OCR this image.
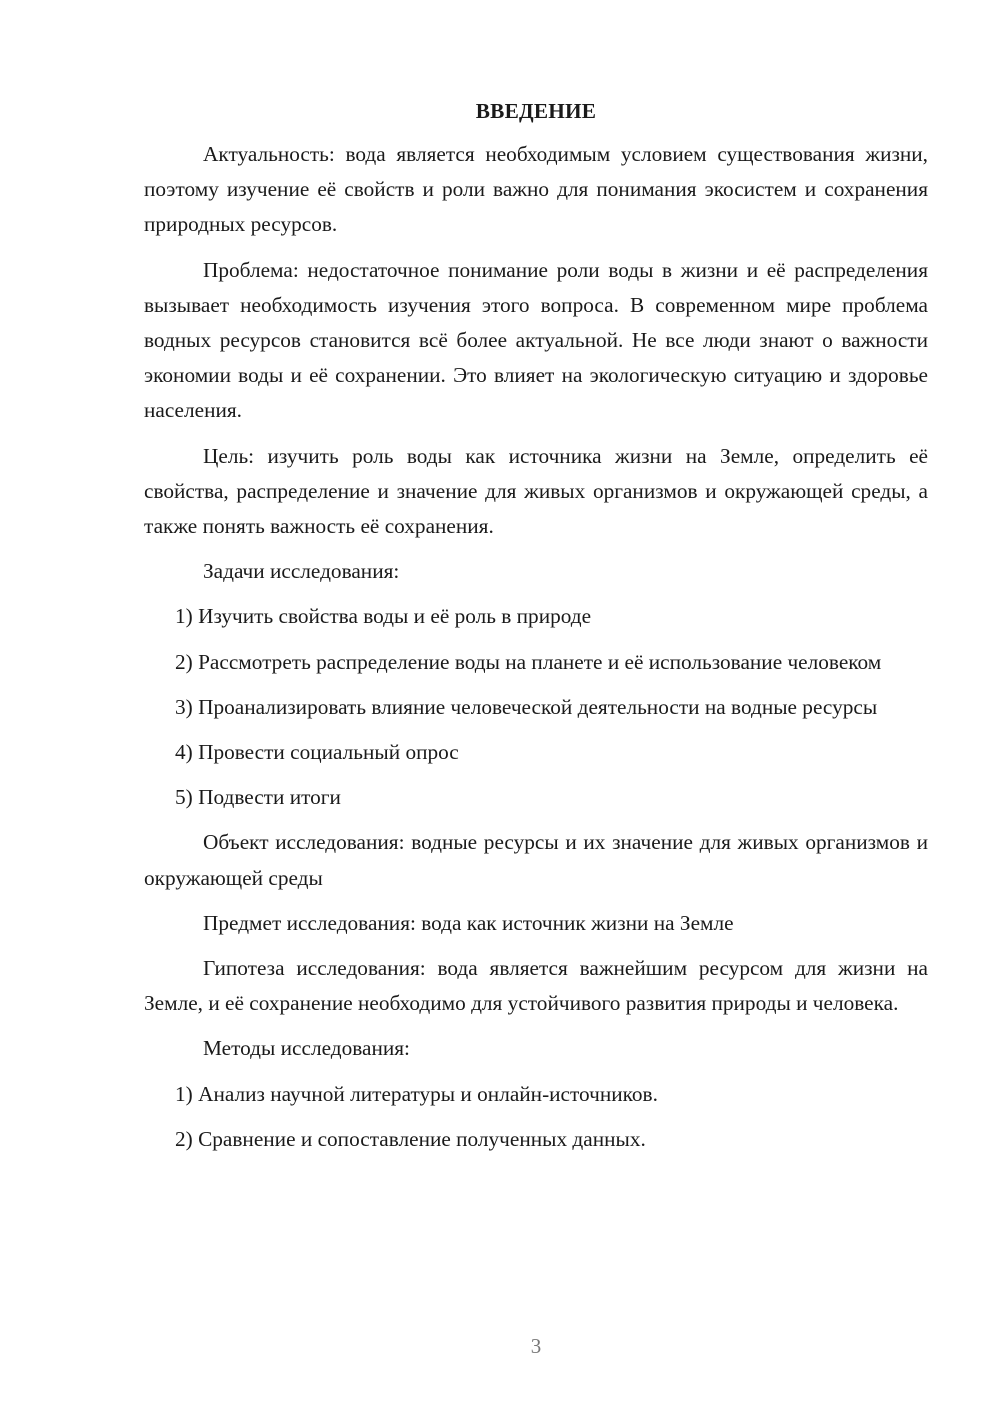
ВВЕДЕНИЕ

Актуальность: вода является необходимым условием существования жизни, поэтому изучение её свойств и роли важно для понимания экосистем и сохранения природных ресурсов.

Проблема: недостаточное понимание роли воды в жизни и её распределения вызывает необходимость изучения этого вопроса. В современном мире проблема водных ресурсов становится всё более актуальной. Не все люди знают о важности экономии воды и её сохранении. Это влияет на экологическую ситуацию и здоровье населения.

Цель: изучить роль воды как источника жизни на Земле, определить её свойства, распределение и значение для живых организмов и окружающей среды, а также понять важность её сохранения.

Задачи исследования:

1) Изучить свойства воды и её роль в природе

2) Рассмотреть распределение воды на планете и её использование человеком

3) Проанализировать влияние человеческой деятельности на водные ресурсы

4) Провести социальный опрос

5) Подвести итоги

Объект исследования: водные ресурсы и их значение для живых организмов и окружающей среды

Предмет исследования: вода как источник жизни на Земле

Гипотеза исследования: вода является важнейшим ресурсом для жизни на Земле, и её сохранение необходимо для устойчивого развития природы и человека.

Методы исследования:

1) Анализ научной литературы и онлайн-источников.

2) Сравнение и сопоставление полученных данных.

3
